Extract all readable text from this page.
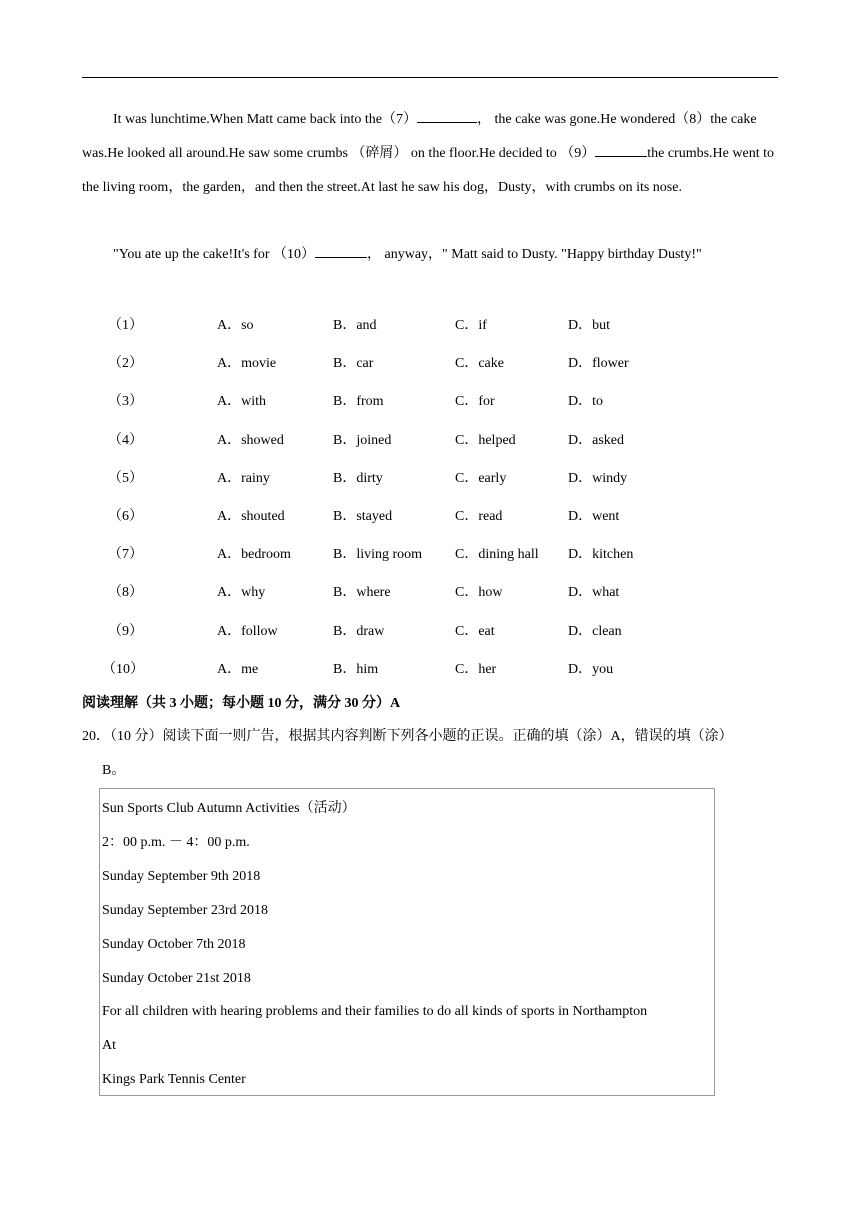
It was lunchtime.When Matt came back into the（7）	， the cake was gone.He wondered（8）the cake was.He looked all around.He saw some crumbs （碎屑） on the floor.He decided to （9）	the crumbs.He went to the living room，the garden，and then the street.At last he saw his dog，Dusty，with crumbs on its nose.
"You ate up the cake!It's for （10）	， anyway，" Matt said to Dusty. "Happy birthday Dusty!"
（1）	A．so	B．and	C．if	D．but
（2）	A．movie	B．car	C．cake	D．flower
（3）	A．with	B．from	C．for	D．to
（4）	A．showed	B．joined	C．helped	D．asked
（5）	A．rainy	B．dirty	C．early	D．windy
（6）	A．shouted	B．stayed	C．read	D．went
（7）	A．bedroom	B．living room C．dining hall D．kitchen
（8）	A．why	B．where	C．how	D．what
（9）	A．follow	B．draw	C．eat	D．clean
（10）	A．me	B．him	C．her	D．you
阅读理解（共 3 小题；每小题 10 分，满分 30 分）A
20．（10 分）阅读下面一则广告，根据其内容判断下列各小题的正误。正确的填（涂）A，错误的填（涂）
B。
Sun Sports Club Autumn Activities（活动）
2：00 p.m. － 4：00 p.m.
Sunday September 9th 2018
Sunday September 23rd 2018
Sunday October 7th 2018
Sunday October 21st 2018
For all children with hearing problems and their families to do all kinds of sports in Northampton
At
Kings Park Tennis Center
